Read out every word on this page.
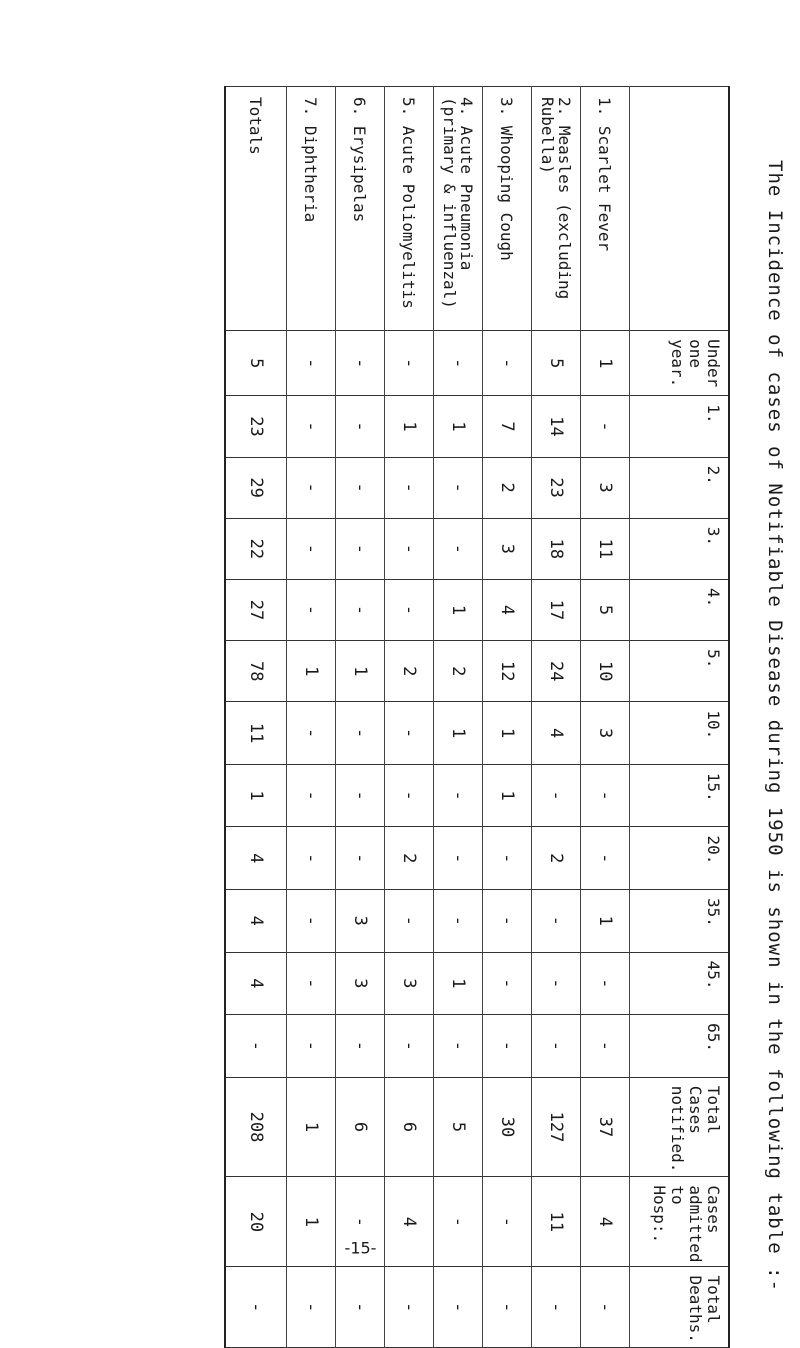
The Incidence of cases of Notifiable Disease during 1950 is shown in the following table :-
	Under one year.	1.	2.	3.	4.	5.	10.	15.	20.	35.	45.	65.	Total Cases notified.	Cases admitted to Hosp:.	Total Deaths.
1. Scarlet Fever	1	-	3	11	5	10	3	-	-	1	-	-	37	4	-
2. Measles (excluding Rubella)	5	14	23	18	17	24	4	-	2	-	-	-	127	11	-
3. Whooping Cough	-	7	2	3	4	12	1	1	-	-	-	-	30	-	-
4. Acute Pneumonia (primary & influenzal)	-	1	-	-	1	2	1	-	-	-	1	-	5	-	-
5. Acute Poliomyelitis	-	1	-	-	-	2	-	-	2	-	3	-	6	4	-
6. Erysipelas	-	-	-	-	-	1	-	-	-	3	3	-	6	-	-
7. Diphtheria	-	-	-	-	-	1	-	-	-	-	-	-	1	1	-
Totals	5	23	29	22	27	78	11	1	4	4	4	-	208	20	-
-15-
